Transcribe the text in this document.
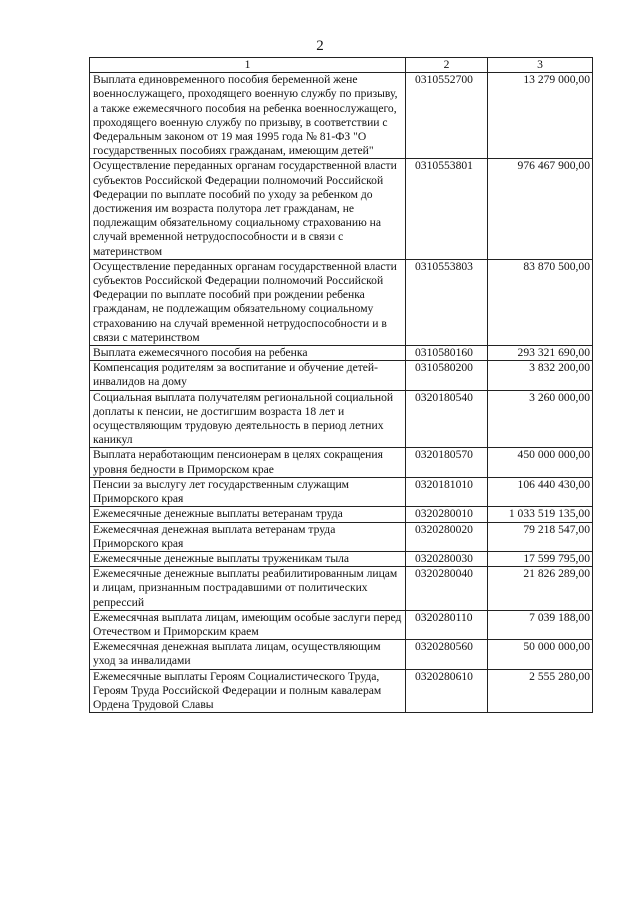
2
1	2	3
Выплата единовременного пособия беременной жене военнослужащего, проходящего военную службу по призыву, а также ежемесячного пособия на ребенка военнослужащего, проходящего военную службу по призыву, в соответствии с Федеральным законом от 19 мая 1995 года № 81-ФЗ "О государственных пособиях гражданам, имеющим детей"	0310552700	13 279 000,00
Осуществление переданных органам государственной власти субъектов Российской Федерации полномочий Российской Федерации по выплате пособий по уходу за ребенком до достижения им возраста полутора лет гражданам, не подлежащим обязательному социальному страхованию на случай временной нетрудоспособности и в связи с материнством	0310553801	976 467 900,00
Осуществление переданных органам государственной власти субъектов Российской Федерации полномочий Российской Федерации по выплате пособий при рождении ребенка гражданам, не подлежащим обязательному социальному страхованию на случай временной нетрудоспособности и в связи с материнством	0310553803	83 870 500,00
Выплата ежемесячного пособия на ребенка	0310580160	293 321 690,00
Компенсация родителям за воспитание и обучение детей-инвалидов на дому	0310580200	3 832 200,00
Социальная выплата получателям региональной социальной доплаты к пенсии, не достигшим возраста 18 лет и осуществляющим трудовую деятельность в период летних каникул	0320180540	3 260 000,00
Выплата неработающим пенсионерам в целях сокращения уровня бедности в Приморском крае	0320180570	450 000 000,00
Пенсии за выслугу лет государственным служащим Приморского края	0320181010	106 440 430,00
Ежемесячные денежные выплаты ветеранам труда	0320280010	1 033 519 135,00
Ежемесячная денежная выплата ветеранам труда Приморского края	0320280020	79 218 547,00
Ежемесячные денежные выплаты труженикам тыла	0320280030	17 599 795,00
Ежемесячные денежные выплаты реабилитированным лицам и лицам, признанным пострадавшими от политических репрессий	0320280040	21 826 289,00
Ежемесячная выплата лицам, имеющим особые заслуги перед Отечеством и Приморским краем	0320280110	7 039 188,00
Ежемесячная денежная выплата лицам, осуществляющим уход за инвалидами	0320280560	50 000 000,00
Ежемесячные выплаты Героям Социалистического Труда, Героям Труда Российской Федерации и полным кавалерам Ордена Трудовой Славы	0320280610	2 555 280,00
